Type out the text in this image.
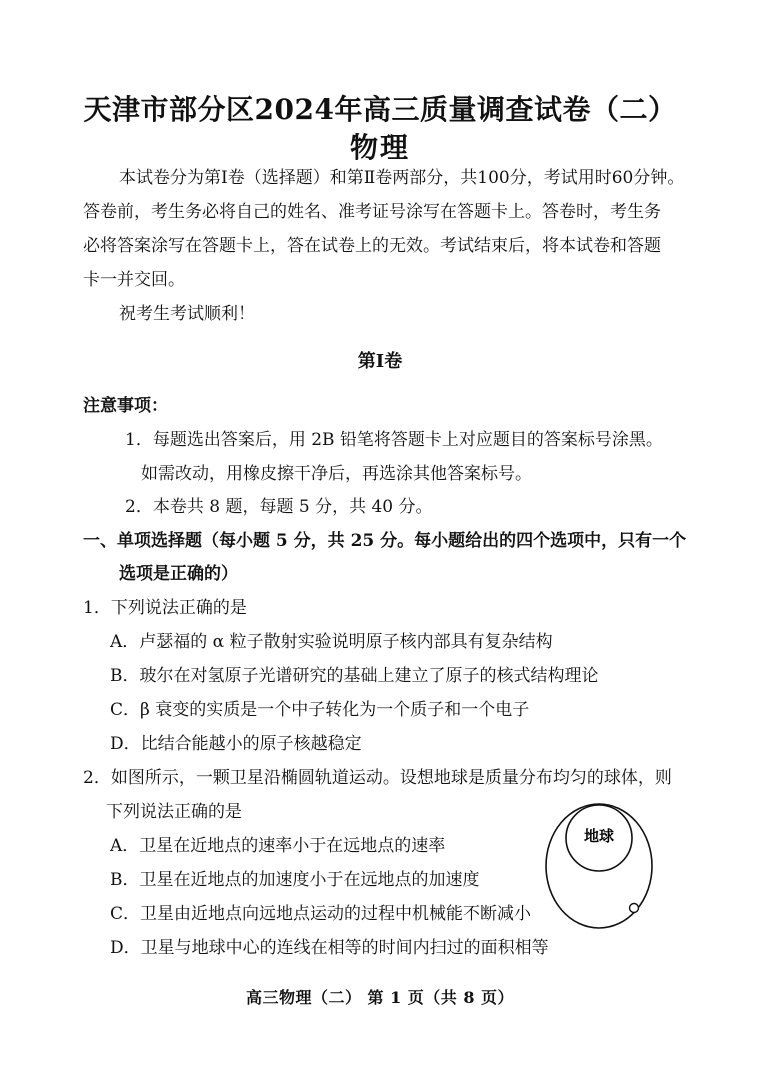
天津市部分区2024年高三质量调查试卷（二）
物理
本试卷分为第Ⅰ卷（选择题）和第Ⅱ卷两部分，共100分，考试用时60分钟。
答卷前，考生务必将自己的姓名、准考证号涂写在答题卡上。答卷时，考生务
必将答案涂写在答题卡上，答在试卷上的无效。考试结束后，将本试卷和答题
卡一并交回。
祝考生考试顺利！
第Ⅰ卷
注意事项：
1．每题选出答案后，用 2B 铅笔将答题卡上对应题目的答案标号涂黑。
如需改动，用橡皮擦干净后，再选涂其他答案标号。
2．本卷共 8 题，每题 5 分，共 40 分。
一、单项选择题（每小题 5 分，共 25 分。每小题给出的四个选项中，只有一个
选项是正确的）
1．下列说法正确的是
A．卢瑟福的 α 粒子散射实验说明原子核内部具有复杂结构
B．玻尔在对氢原子光谱研究的基础上建立了原子的核式结构理论
C．β 衰变的实质是一个中子转化为一个质子和一个电子
D．比结合能越小的原子核越稳定
2．如图所示，一颗卫星沿椭圆轨道运动。设想地球是质量分布均匀的球体，则
下列说法正确的是
A．卫星在近地点的速率小于在远地点的速率
B．卫星在近地点的加速度小于在远地点的加速度
C．卫星由近地点向远地点运动的过程中机械能不断减小
D．卫星与地球中心的连线在相等的时间内扫过的面积相等
地球
高三物理（二） 第 1 页（共 8 页）
